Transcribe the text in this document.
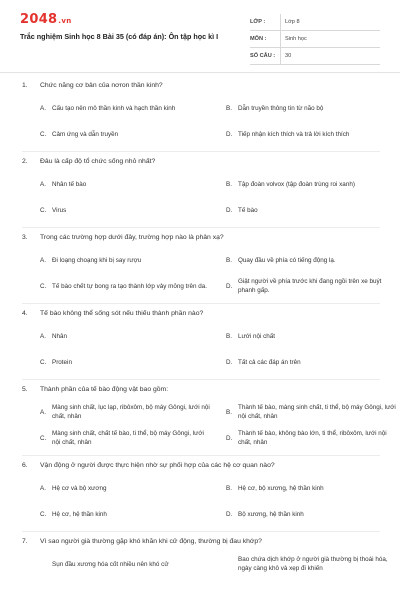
2048.vn
Trắc nghiệm Sinh học 8 Bài 35 (có đáp án): Ôn tập học kì I
LỚP :	Lớp 8
MÔN :	Sinh học
SỐ CÂU :	30
1.	Chức năng cơ bản của nơron thần kinh?
A. Cấu tạo nên mô thần kinh và hạch thần kinh	B. Dẫn truyền thông tin từ não bộ
C. Cảm ứng và dẫn truyền	D. Tiếp nhận kích thích và trả lời kích thích
2.	Đâu là cấp độ tổ chức sống nhỏ nhất?
A. Nhân tế bào	B. Tập đoàn volvox (tập đoàn trùng roi xanh)
C. Virus	D. Tế bào
3.	Trong các trường hợp dưới đây, trường hợp nào là phản xạ?
A. Đi loạng choạng khi bị say rượu	B. Quay đầu về phía có tiếng động lạ.
C. Tế bào chết tự bong ra tạo thành lớp vảy mỏng trên da.	D.
Giật người về phía trước khi đang ngồi trên xe buýt phanh gấp.
4.	Tế bào không thể sống sót nếu thiếu thành phần nào?
A. Nhân	B. Lưới nội chất
C. Protein	D. Tất cả các đáp án trên
5.	Thành phần của tế bào động vật bao gồm:
A.
Màng sinh chất, lục lạp, ribôxôm, bộ máy Gôngi, lưới nội chất, nhân
B.
Thành tế bào, màng sinh chất, ti thể, bộ máy Gôngi, lưới nội chất, nhân
C.
Màng sinh chất, chất tế bào, ti thể, bộ máy Gôngi, lưới nội chất, nhân
D.
Thành tế bào, không bào lớn, ti thể, ribôxôm, lưới nội chất, nhân
6.	Vận động ở người được thực hiện nhờ sự phối hợp của các hệ cơ quan nào?
A. Hệ cơ và bộ xương	B. Hệ cơ, bộ xương, hệ thần kinh
C. Hệ cơ, hệ thần kinh	D. Bộ xương, hệ thần kinh
7.	Vì sao người già thường gặp khó khăn khi cử động, thường bị đau khớp?
Sụn đầu xương hóa cốt nhiều nên khó cử
Bao chứa dịch khớp ở người già thường bị thoái hóa, ngày càng khô và xẹp đi khiến
